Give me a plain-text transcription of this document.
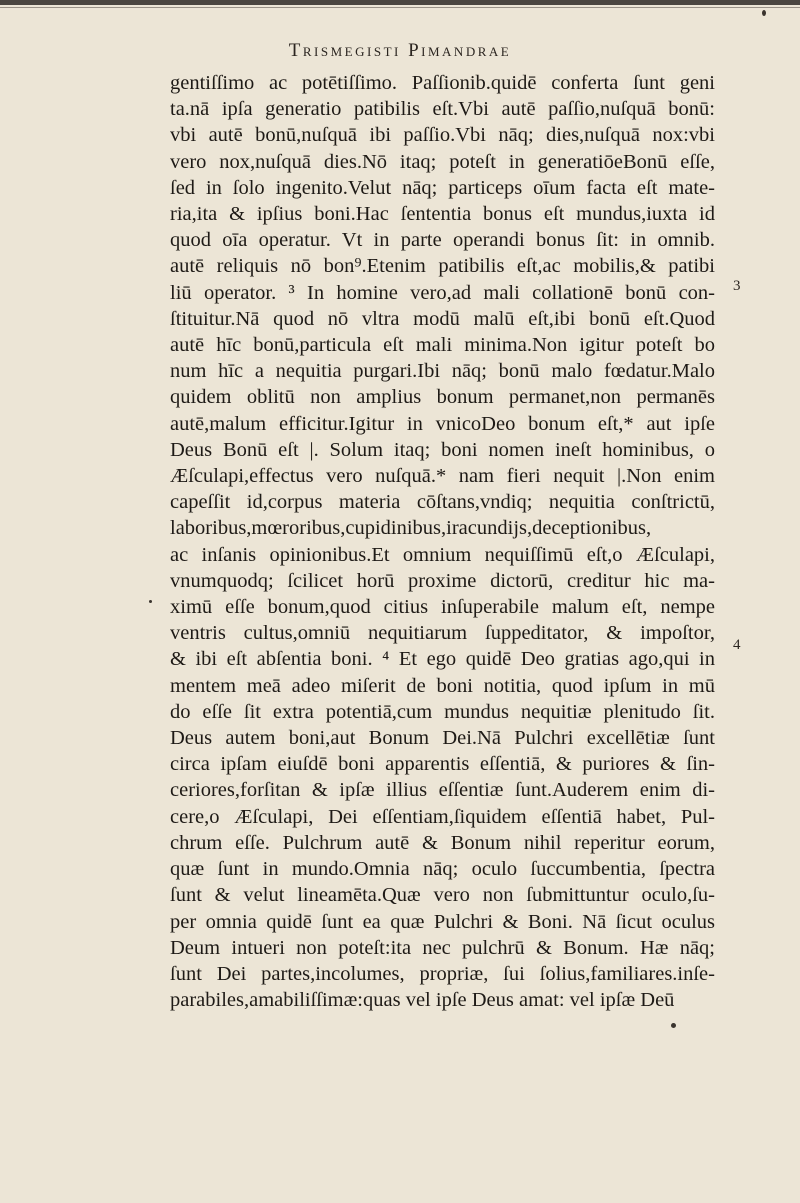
Trismegisti Pimandrae
gentiſſimo ac potētiſſimo. Paſſionib.quidē conferta ſunt geni
ta.nā ipſa generatio patibilis eſt.Vbi autē paſſio,nuſquā bonū:
vbi autē bonū,nuſquā ibi paſſio.Vbi nāq; dies,nuſquā nox:vbi
vero nox,nuſquā dies.Nō itaq; poteſt in generatiōeBonū eſſe,
ſed in ſolo ingenito.Velut nāq; particeps oīum facta eſt mate-
ria,ita & ipſius boni.Hac ſententia bonus eſt mundus,iuxta id
quod oīa operatur. Vt in parte operandi bonus ſit: in omnib.
autē reliquis nō bon⁹.Etenim patibilis eſt,ac mobilis,& patibi
liū operator. ³ In homine vero,ad mali collationē bonū con-
ſtituitur.Nā quod nō vltra modū malū eſt,ibi bonū eſt.Quod
autē hīc bonū,particula eſt mali minima.Non igitur poteſt bo
num hīc a nequitia purgari.Ibi nāq; bonū malo fœdatur.Malo
quidem oblitū non amplius bonum permanet,non permanēs
autē,malum efficitur.Igitur in vnicoDeo bonum eſt,* aut ipſe
Deus Bonū eſt |. Solum itaq; boni nomen ineſt hominibus, o
Æſculapi,effectus vero nuſquā.* nam fieri nequit |.Non enim
capeſſit id,corpus materia cōſtans,vndiq; nequitia conſtrictū,
laboribus,mœroribus,cupidinibus,iracundijs,deceptionibus,
ac inſanis opinionibus.Et omnium nequiſſimū eſt,o Æſculapi,
vnumquodq; ſcilicet horū proxime dictorū, creditur hic ma-
ximū eſſe bonum,quod citius inſuperabile malum eſt, nempe
ventris cultus,omniū nequitiarum ſuppeditator, & impoſtor,
& ibi eſt abſentia boni. ⁴ Et ego quidē Deo gratias ago,qui in
mentem meā adeo miſerit de boni notitia, quod ipſum in mū
do eſſe ſit extra potentiā,cum mundus nequitiæ plenitudo ſit.
Deus autem boni,aut Bonum Dei.Nā Pulchri excellētiæ ſunt
circa ipſam eiuſdē boni apparentis eſſentiā, & puriores & ſin-
ceriores,forſitan & ipſæ illius eſſentiæ ſunt.Auderem enim di-
cere,o Æſculapi, Dei eſſentiam,ſiquidem eſſentiā habet, Pul-
chrum eſſe. Pulchrum autē & Bonum nihil reperitur eorum,
quæ ſunt in mundo.Omnia nāq; oculo ſuccumbentia, ſpectra
ſunt & velut lineamēta.Quæ vero non ſubmittuntur oculo,ſu-
per omnia quidē ſunt ea quæ Pulchri & Boni. Nā ſicut oculus
Deum intueri non poteſt:ita nec pulchrū & Bonum. Hæ nāq;
ſunt Dei partes,incolumes, propriæ, ſui ſolius,familiares.inſe-
parabiles,amabiliſſimæ:quas vel ipſe Deus amat: vel ipſæ Deū
3
4
